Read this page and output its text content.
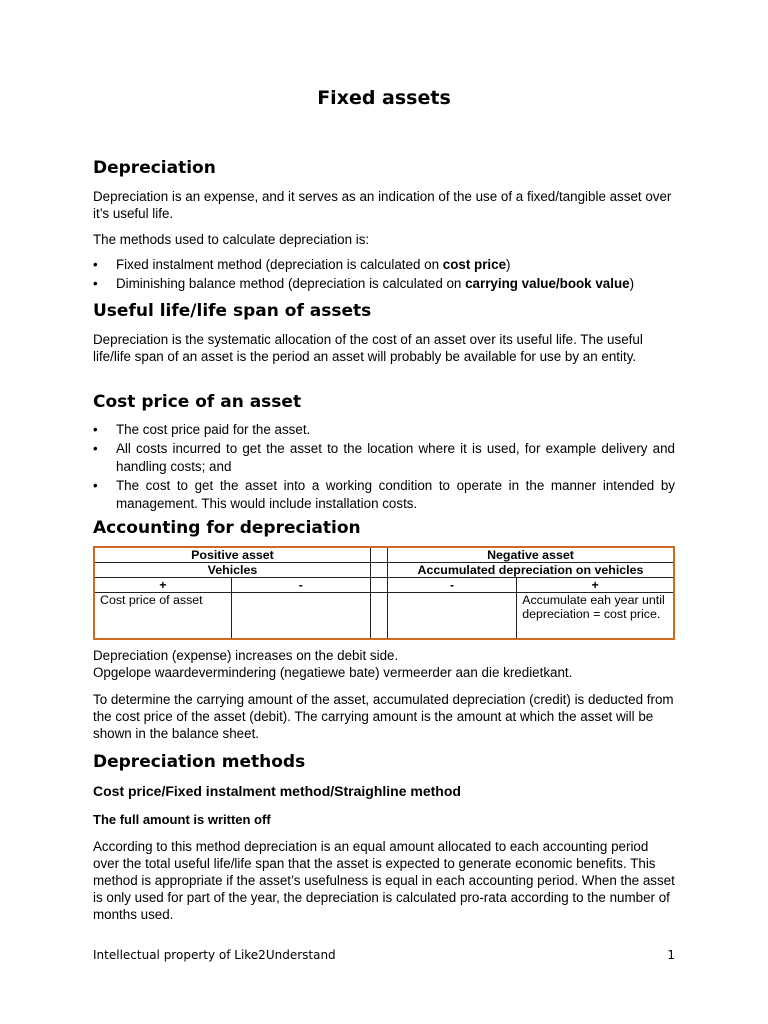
Fixed assets
Depreciation

Depreciation is an expense, and it serves as an indication of the use of a fixed/tangible asset over it’s useful life.

The methods used to calculate depreciation is:

• Fixed instalment method (depreciation is calculated on cost price)
• Diminishing balance method (depreciation is calculated on carrying value/book value)
Useful life/life span of assets

Depreciation is the systematic allocation of the cost of an asset over its useful life. The useful life/life span of an asset is the period an asset will probably be available for use by an entity.

Cost price of an asset
• The cost price paid for the asset.
• All costs incurred to get the asset to the location where it is used, for example delivery and handling costs; and
• The cost to get the asset into a working condition to operate in the manner intended by management. This would include installation costs.
Accounting for depreciation
Positive asset			Negative asset	
Vehicles			Accumulated depreciation on vehicles	
+	-		-	+
Cost price of asset				Accumulate eah year until depreciation = cost price.

Depreciation (expense) increases on the debit side.

Opgelope waardevermindering (negatiewe bate) vermeerder aan die kredietkant.

To determine the carrying amount of the asset, accumulated depreciation (credit) is deducted from the cost price of the asset (debit). The carrying amount is the amount at which the asset will be shown in the balance sheet.

Depreciation methods
Cost price/Fixed instalment method/Straighline method
The full amount is written off

According to this method depreciation is an equal amount allocated to each accounting period over the total useful life/life span that the asset is expected to generate economic benefits. This method is appropriate if the asset’s usefulness is equal in each accounting period. When the asset is only used for part of the year, the depreciation is calculated pro-rata according to the number of months used.

Intellectual property of Like2Understand	1
